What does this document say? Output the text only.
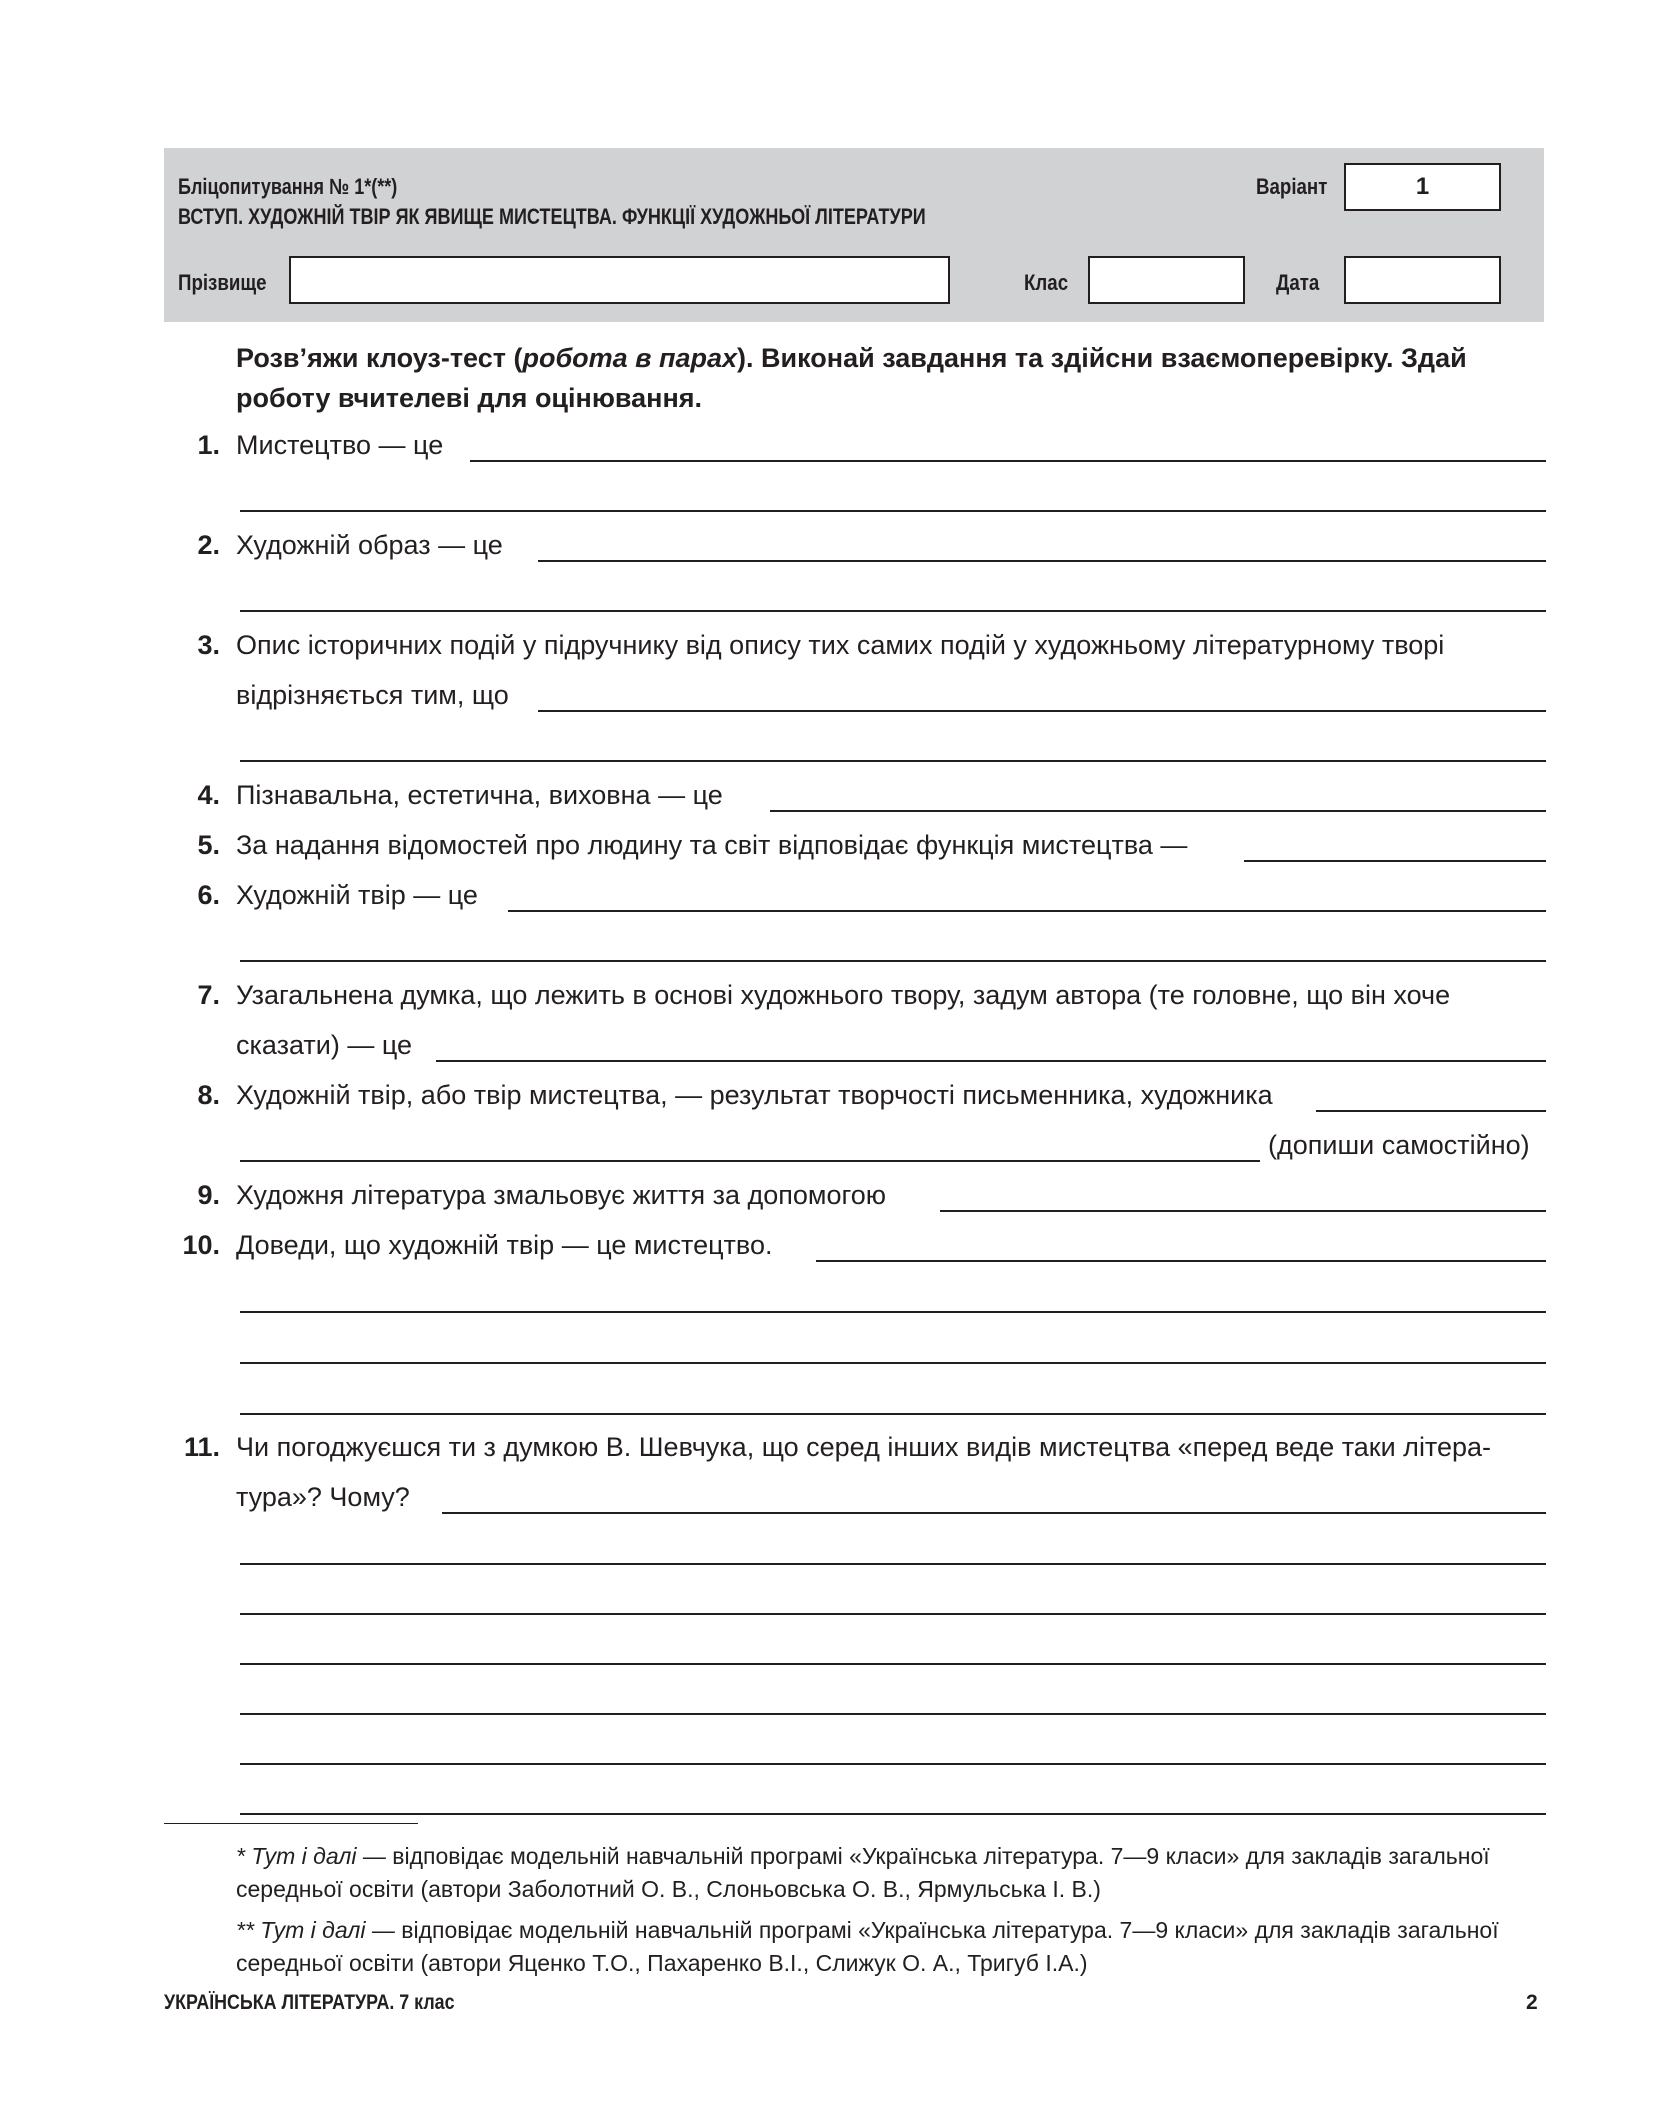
Бліцопитування № 1*(**)
ВСТУП. ХУДОЖНІЙ ТВІР ЯК ЯВИЩЕ МИСТЕЦТВА. ФУНКЦІЇ ХУДОЖНЬОЇ ЛІТЕРАТУРИ
Варіант	1
Прізвище	Клас	Дата
Розв’яжи клоуз-тест (робота в парах). Виконай завдання та здійсни взаємоперевірку. Здай роботу вчителеві для оцінювання.
1. Мистецтво — це
2. Художній образ — це
3. Опис історичних подій у підручнику від опису тих самих подій у художньому літературному творі
відрізняється тим, що
4. Пізнавальна, естетична, виховна — це
5. За надання відомостей про людину та світ відповідає функція мистецтва —
6. Художній твір — це
7. Узагальнена думка, що лежить в основі художнього твору, задум автора (те головне, що він хоче
сказати) — це
8. Художній твір, або твір мистецтва, — результат творчості письменника, художника
(допиши самостійно)
9. Художня література змальовує життя за допомогою
10. Доведи, що художній твір — це мистецтво.
11. Чи погоджуєшся ти з думкою В. Шевчука, що серед інших видів мистецтва «перед веде таки літера-
тура»? Чому?
* Тут і далі — відповідає модельній навчальній програмі «Українська література. 7—9 класи» для закладів загальної середньої освіти (автори Заболотний О. В., Слоньовська О. В., Ярмульська І. В.)
** Тут і далі — відповідає модельній навчальній програмі «Українська література. 7—9 класи» для закладів загальної середньої освіти (автори Яценко Т.О., Пахаренко В.І., Слижук О. А., Тригуб І.А.)
УКРАЇНСЬКА ЛІТЕРАТУРА. 7 клас	2
